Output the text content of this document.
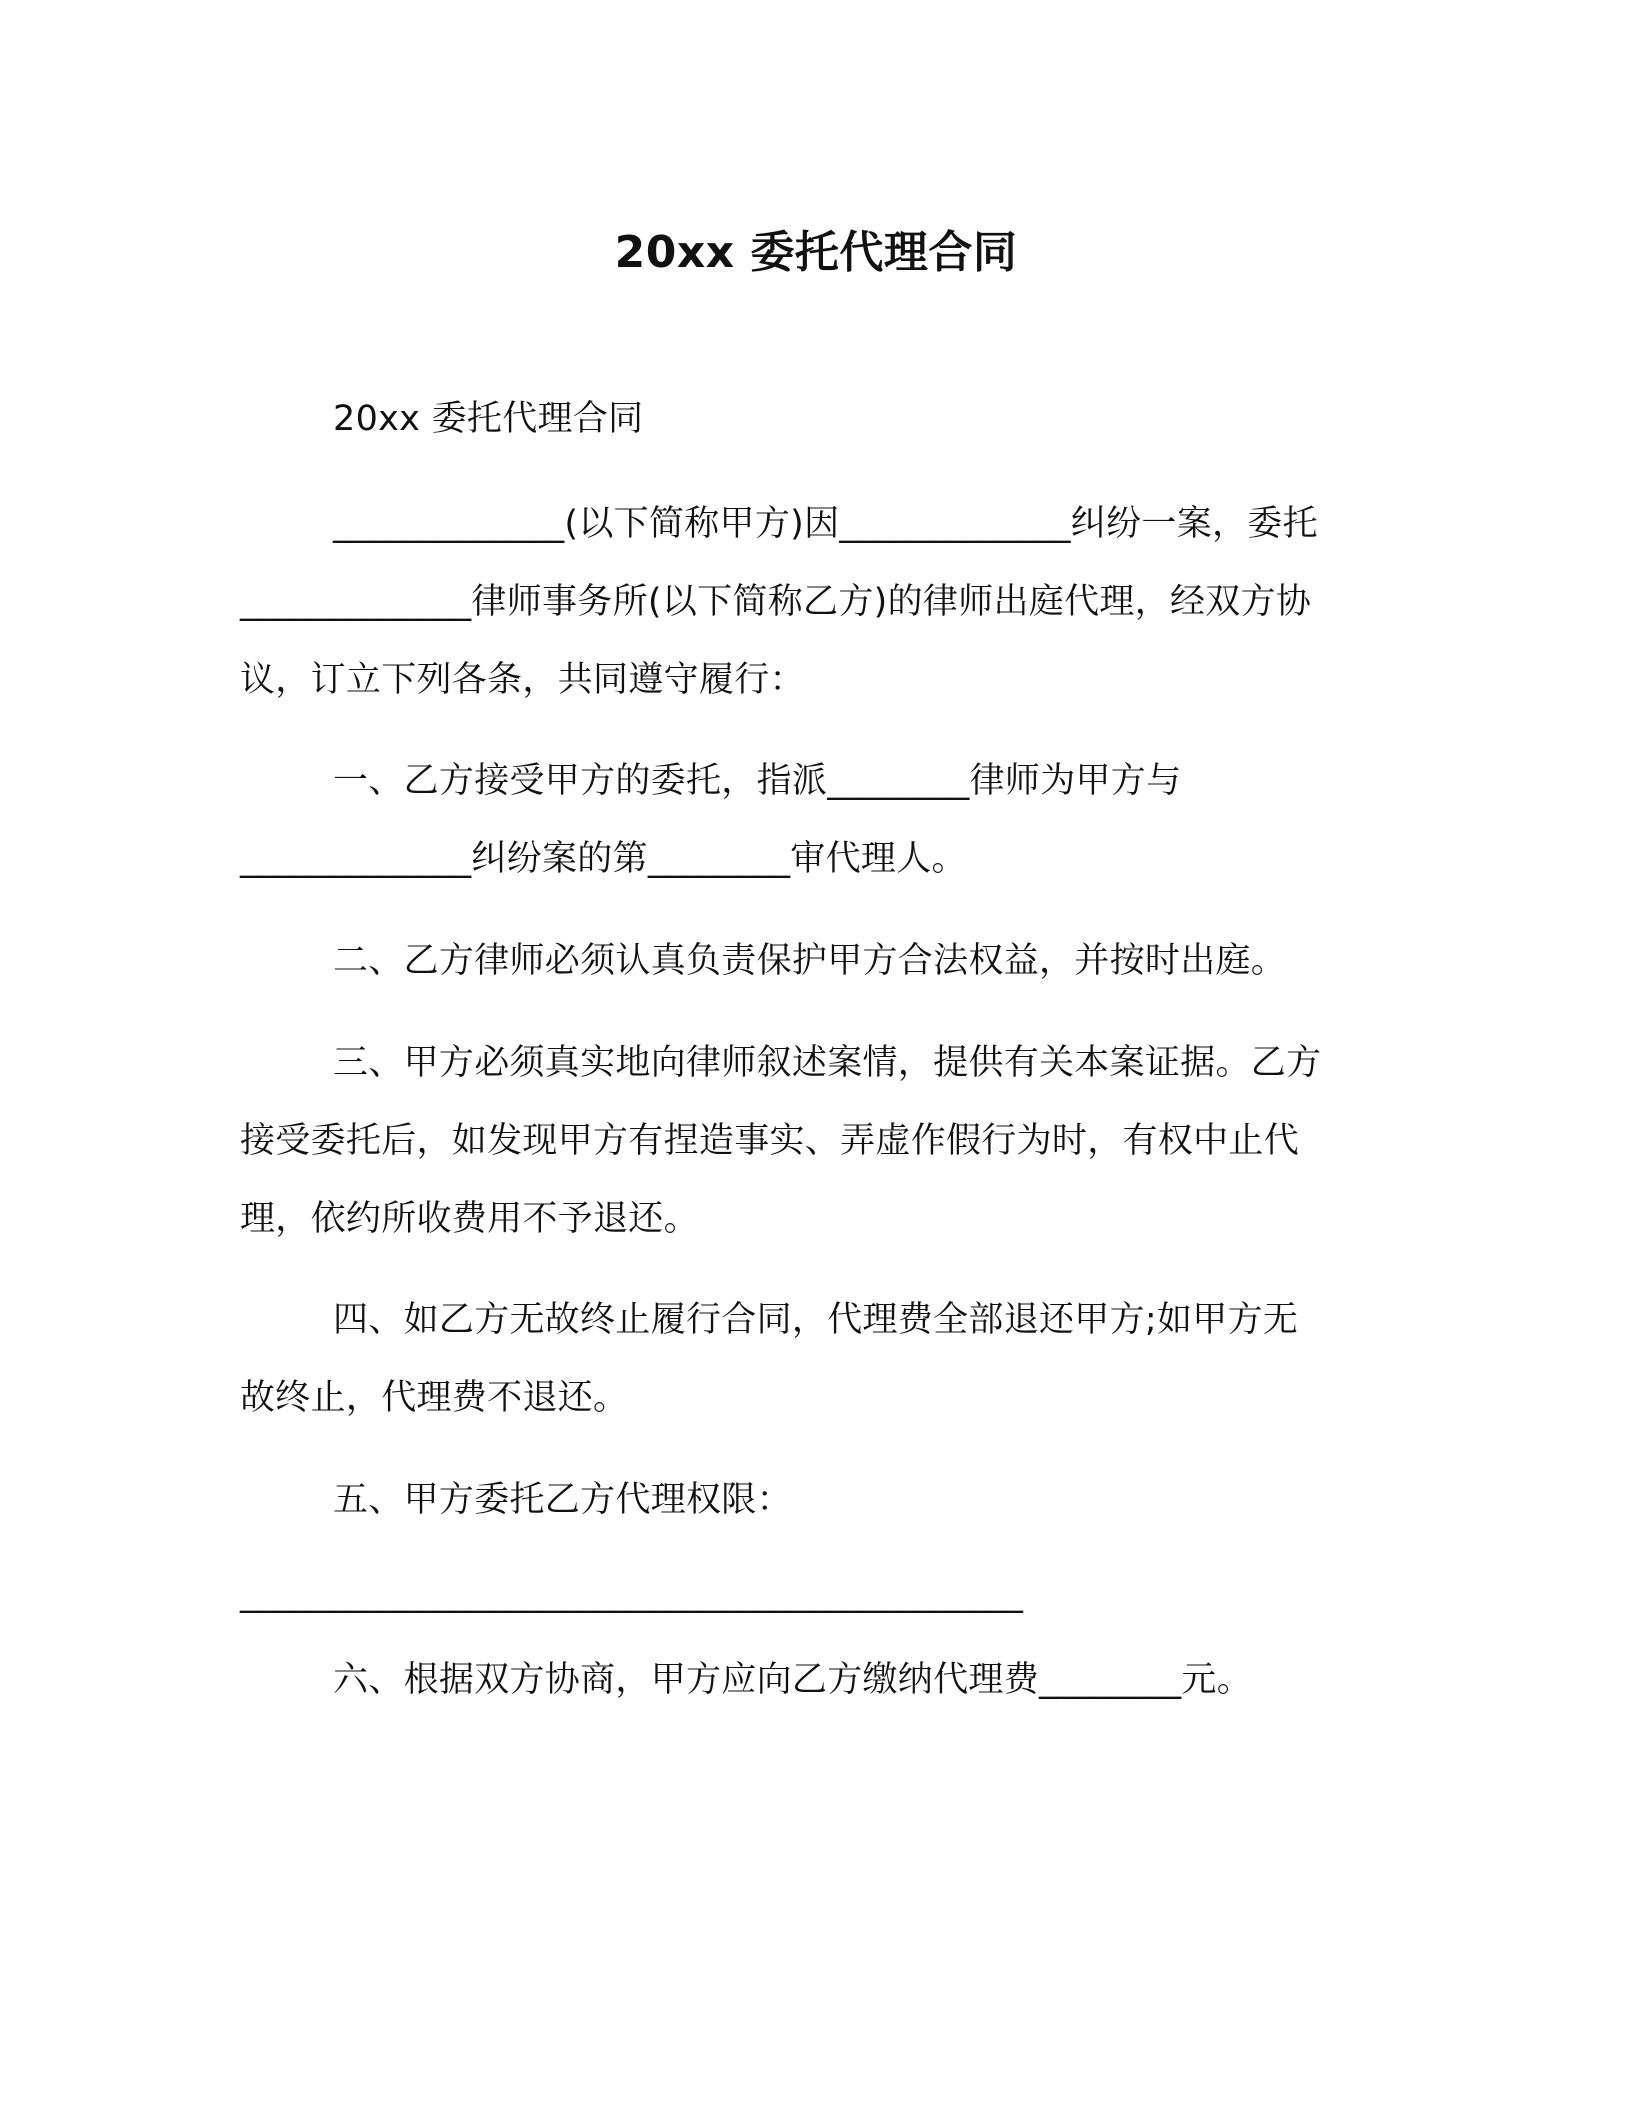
20xx 委托代理合同
20xx 委托代理合同
_____________(以下简称甲方)因_____________纠纷一案，委托
_____________律师事务所(以下简称乙方)的律师出庭代理，经双方协
议，订立下列各条，共同遵守履行：
一、乙方接受甲方的委托，指派________律师为甲方与
_____________纠纷案的第________审代理人。
二、乙方律师必须认真负责保护甲方合法权益，并按时出庭。
三、甲方必须真实地向律师叙述案情，提供有关本案证据。乙方
接受委托后，如发现甲方有捏造事实、弄虚作假行为时，有权中止代
理，依约所收费用不予退还。
四、如乙方无故终止履行合同，代理费全部退还甲方;如甲方无
故终止，代理费不退还。
五、甲方委托乙方代理权限：
____________________________________________
六、根据双方协商，甲方应向乙方缴纳代理费________元。
